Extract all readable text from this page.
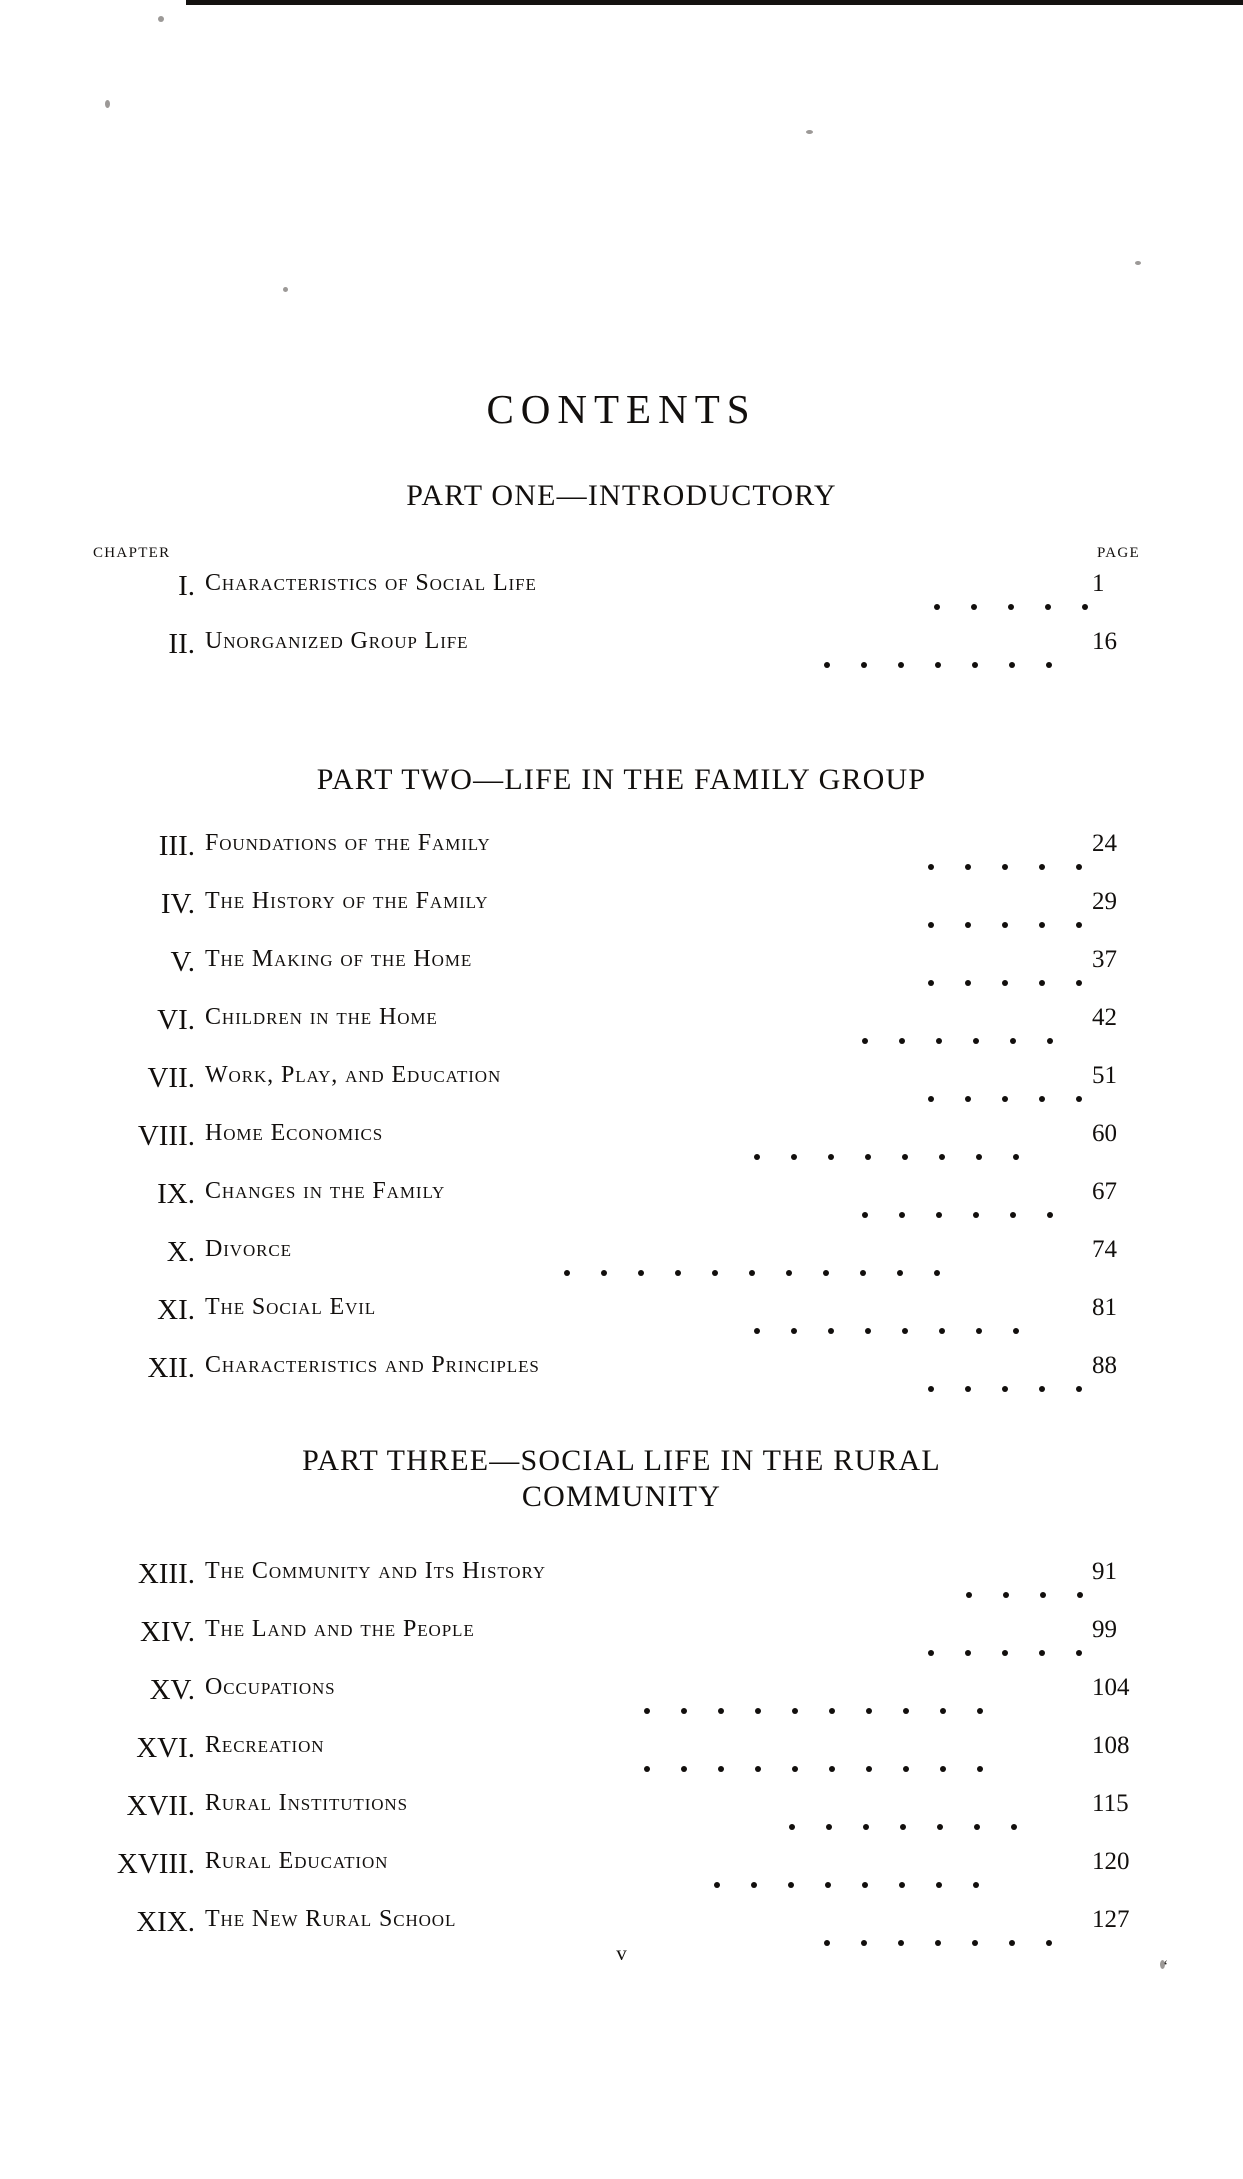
CONTENTS
PART ONE—INTRODUCTORY
CHAPTER	PAGE
I . Characteristics of Social Life	1
II . Unorganized Group Life	16
PART TWO—LIFE IN THE FAMILY GROUP
III . Foundations of the Family	24
IV . The History of the Family	29
V . The Making of the Home	37
VI . Children in the Home	42
VII . Work, Play, and Education	51
VIII . Home Economics	60
IX . Changes in the Family	67
X . Divorce	74
XI . The Social Evil	81
XII . Characteristics and Principles	88
PART THREE—SOCIAL LIFE IN THE RURAL
COMMUNITY
XIII . The Community and Its History	91
XIV . The Land and the People	99
XV . Occupations	104
XVI . Recreation	108
XVII . Rural Institutions	115
XVIII . Rural Education	120
XIX . The New Rural School	127
v
ʻ
